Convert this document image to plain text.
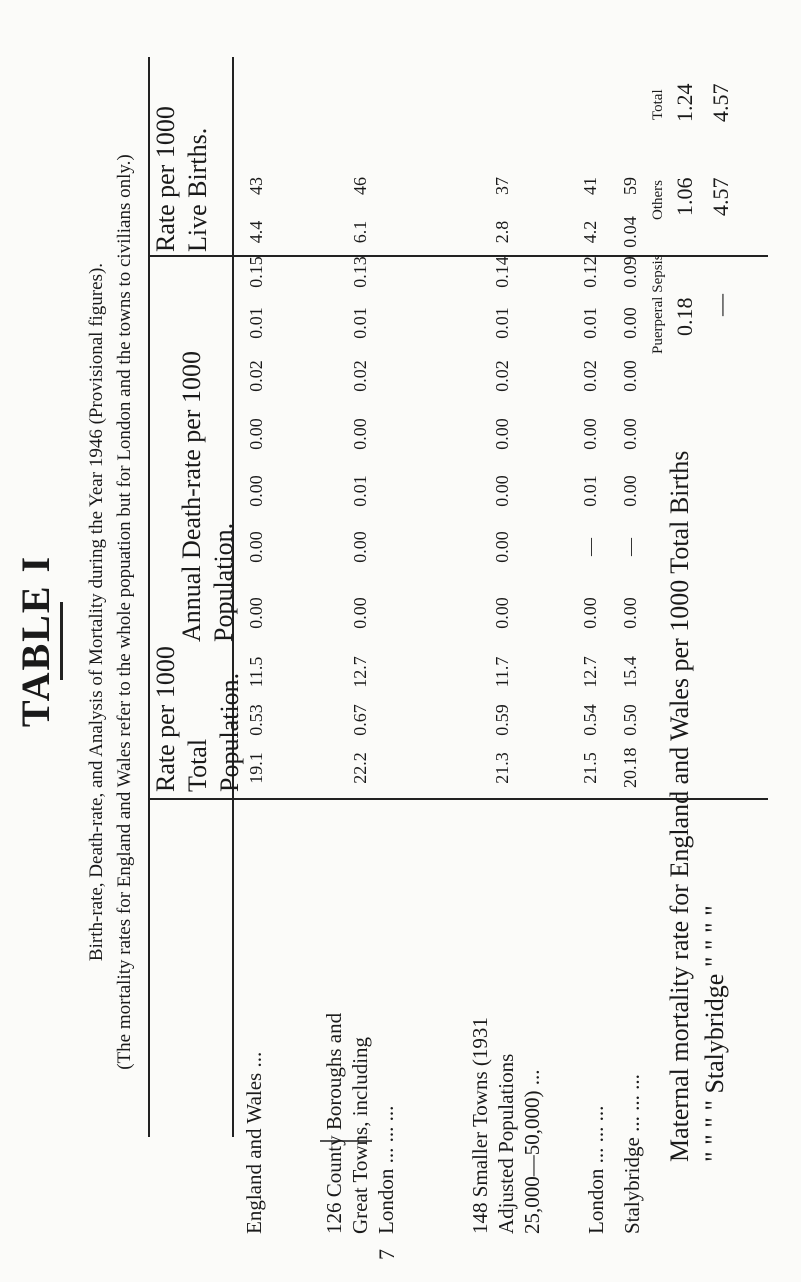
TABLE I Birth-rate, Death-rate, and Analysis of Mortality during the Year 1946 (Provisional figures). (The mortality rates for England and Wales refer to the whole popuation but for London and the towns to civilians only.) Rate per 1000 Total Population.
Annual Death-rate per 1000 Population.
Rate per 1000 Live Births.
England and Wales ...	126 County Boroughs and Great Towns, including London ... ... ...	148 Smaller Towns (1931 Adjusted Populations 25,000—50,000) ... London ... ... ... Stalybridge ... ... ...
19.1
0.53
11.5
0.00
0.00
0.00
0.00
0.02
0.01
0.15
4.4
43
22.2
0.67
12.7
0.00
0.00
0.01
0.00
0.02
0.01
0.13
6.1
46
21.3
0.59
11.7
0.00
0.00
0.00
0.00
0.02
0.01
0.14
2.8
37
21.5
0.54
12.7
0.00
—
0.01
0.00
0.02
0.01
0.12
4.2
41
20.18
0.50
15.4
0.00
—
0.00
0.00
0.00
0.00
0.09
0.04
59
Maternal mortality rate for England and Wales per 1000 Total Births " " " " Stalybridge " " " "
Puerperal Sepsis
Others
Total
0.18
1.06
1.24
—
4.57
4.57
7
